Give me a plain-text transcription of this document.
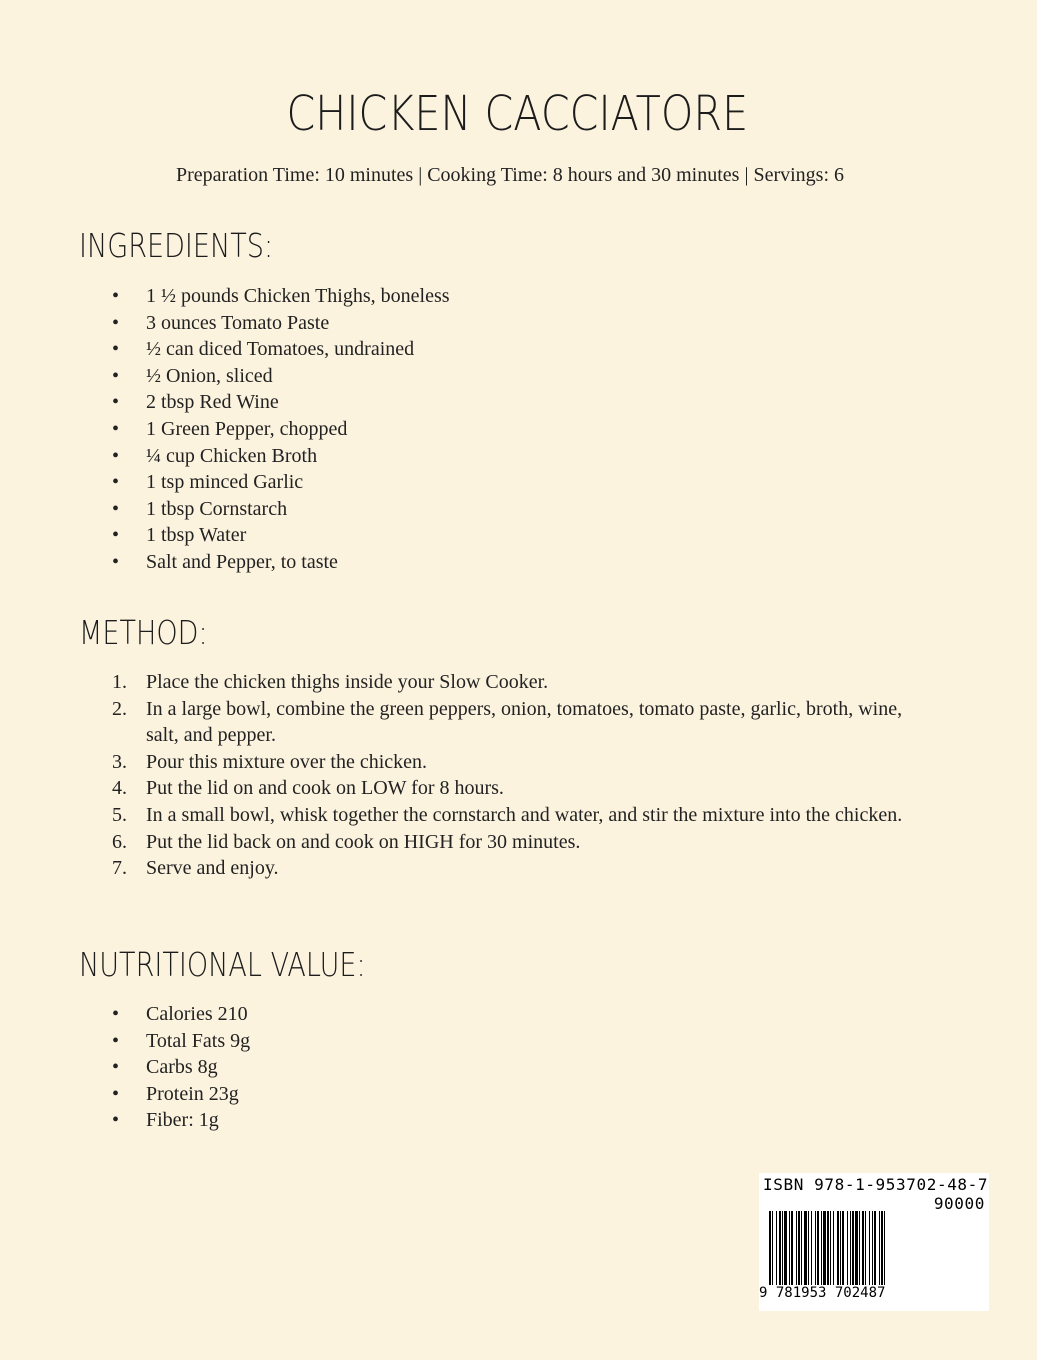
CHICKEN CACCIATORE
Preparation Time: 10 minutes | Cooking Time: 8 hours and 30 minutes | Servings: 6
INGREDIENTS:
• 1 ½ pounds Chicken Thighs, boneless
• 3 ounces Tomato Paste
• ½ can diced Tomatoes, undrained
• ½ Onion, sliced
• 2 tbsp Red Wine
• 1 Green Pepper, chopped
• ¼ cup Chicken Broth
• 1 tsp minced Garlic
• 1 tbsp Cornstarch
• 1 tbsp Water
• Salt and Pepper, to taste
METHOD:
1. Place the chicken thighs inside your Slow Cooker.
2. In a large bowl, combine the green peppers, onion, tomatoes, tomato paste, garlic, broth, wine, salt, and pepper.
3. Pour this mixture over the chicken.
4. Put the lid on and cook on LOW for 8 hours.
5. In a small bowl, whisk together the cornstarch and water, and stir the mixture into the chicken.
6. Put the lid back on and cook on HIGH for 30 minutes.
7. Serve and enjoy.
NUTRITIONAL VALUE:
• Calories 210
• Total Fats 9g
• Carbs 8g
• Protein 23g
• Fiber: 1g
ISBN 978-1-953702-48-7
90000
9 781953 702487
